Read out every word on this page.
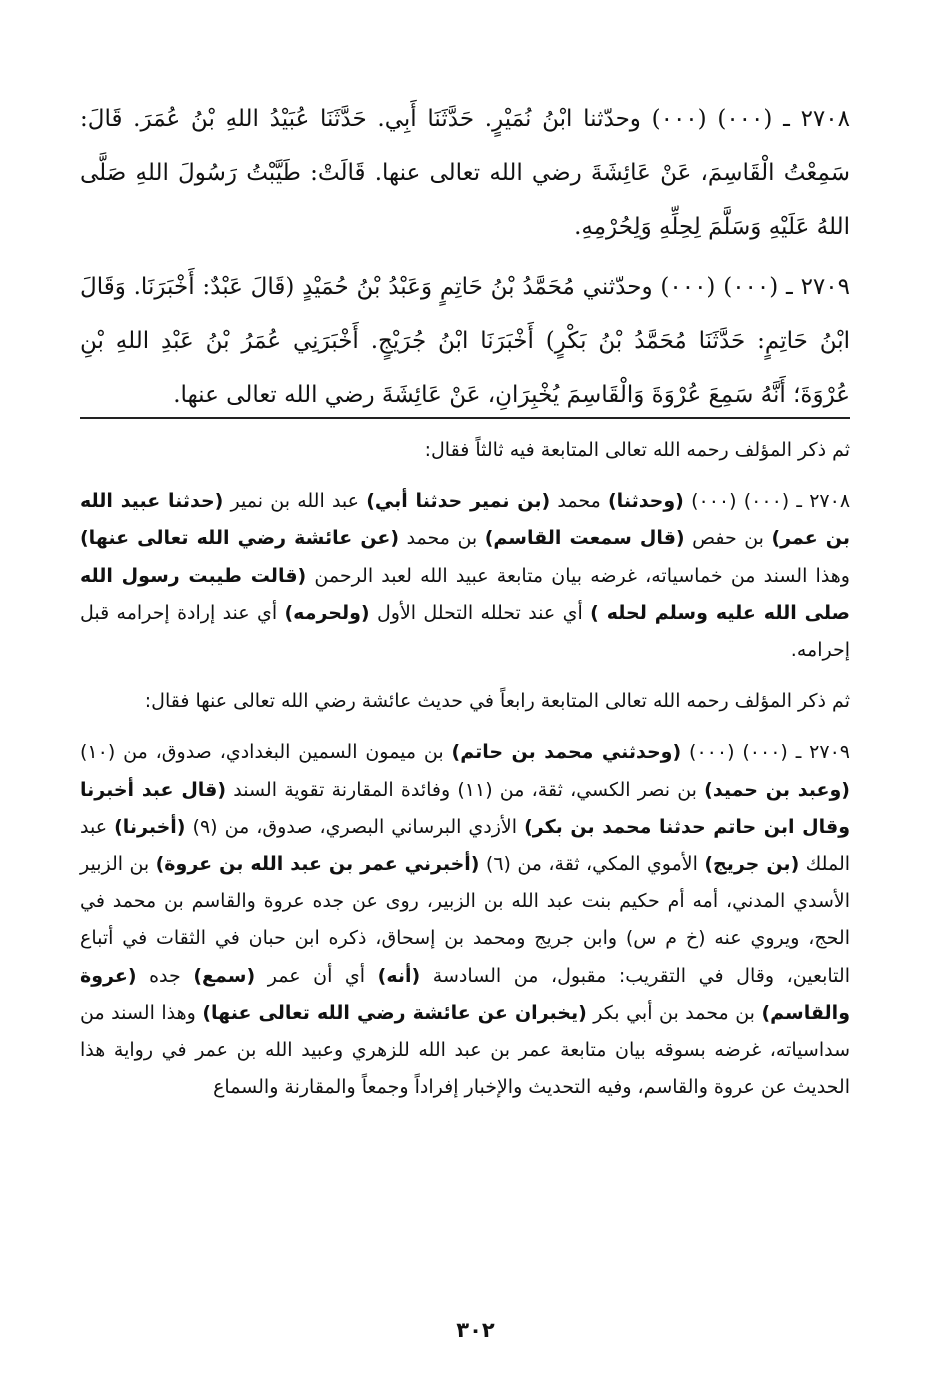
٢٧٠٨ ـ (٠٠٠) (٠٠٠) وحدّثنا ابْنُ نُمَيْرٍ. حَدَّثَنَا أَبِي. حَدَّثَنَا عُبَيْدُ اللهِ بْنُ عُمَرَ. قَالَ: سَمِعْتُ الْقَاسِمَ، عَنْ عَائِشَةَ رضي الله تعالى عنها. قَالَتْ: طَيَّبْتُ رَسُولَ اللهِ صَلَّى اللهُ عَلَيْهِ وَسَلَّمَ لِحِلِّهِ وَلِحُرْمِهِ.

٢٧٠٩ ـ (٠٠٠) (٠٠٠) وحدّثني مُحَمَّدُ بْنُ حَاتِمٍ وَعَبْدُ بْنُ حُمَيْدٍ (قَالَ عَبْدٌ: أَخْبَرَنَا. وَقَالَ ابْنُ حَاتِمٍ: حَدَّثَنَا مُحَمَّدُ بْنُ بَكْرٍ) أَخْبَرَنَا ابْنُ جُرَيْجٍ. أَخْبَرَنِي عُمَرُ بْنُ عَبْدِ اللهِ بْنِ عُرْوَةَ؛ أَنَّهُ سَمِعَ عُرْوَةَ وَالْقَاسِمَ يُخْبِرَانِ، عَنْ عَائِشَةَ رضي الله تعالى عنها.

ثم ذكر المؤلف رحمه الله تعالى المتابعة فيه ثالثاً فقال:

٢٧٠٨ ـ (٠٠٠) (٠٠٠) (وحدثنا) محمد (بن نمير حدثنا أبي) عبد الله بن نمير (حدثنا عبيد الله بن عمر) بن حفص (قال سمعت القاسم) بن محمد (عن عائشة رضي الله تعالى عنها) وهذا السند من خماسياته، غرضه بيان متابعة عبيد الله لعبد الرحمن (قالت طيبت رسول الله صلى الله عليه وسلم لحله ) أي عند تحلله التحلل الأول (ولحرمه) أي عند إرادة إحرامه قبل إحرامه.

ثم ذكر المؤلف رحمه الله تعالى المتابعة رابعاً في حديث عائشة رضي الله تعالى عنها فقال:

٢٧٠٩ ـ (٠٠٠) (٠٠٠) (وحدثني محمد بن حاتم) بن ميمون السمين البغدادي، صدوق، من (١٠) (وعبد بن حميد) بن نصر الكسي، ثقة، من (١١) وفائدة المقارنة تقوية السند (قال عبد أخبرنا وقال ابن حاتم حدثنا محمد بن بكر) الأزدي البرساني البصري، صدوق، من (٩) (أخبرنا) عبد الملك (بن جريج) الأموي المكي، ثقة، من (٦) (أخبرني عمر بن عبد الله بن عروة) بن الزبير الأسدي المدني، أمه أم حكيم بنت عبد الله بن الزبير، روى عن جده عروة والقاسم بن محمد في الحج، ويروي عنه (خ م س) وابن جريج ومحمد بن إسحاق، ذكره ابن حبان في الثقات في أتباع التابعين، وقال في التقريب: مقبول، من السادسة (أنه) أي أن عمر (سمع) جده (عروة والقاسم) بن محمد بن أبي بكر (يخبران عن عائشة رضي الله تعالى عنها) وهذا السند من سداسياته، غرضه بسوقه بيان متابعة عمر بن عبد الله للزهري وعبيد الله بن عمر في رواية هذا الحديث عن عروة والقاسم، وفيه التحديث والإخبار إفراداً وجمعاً والمقارنة والسماع

٣٠٢
